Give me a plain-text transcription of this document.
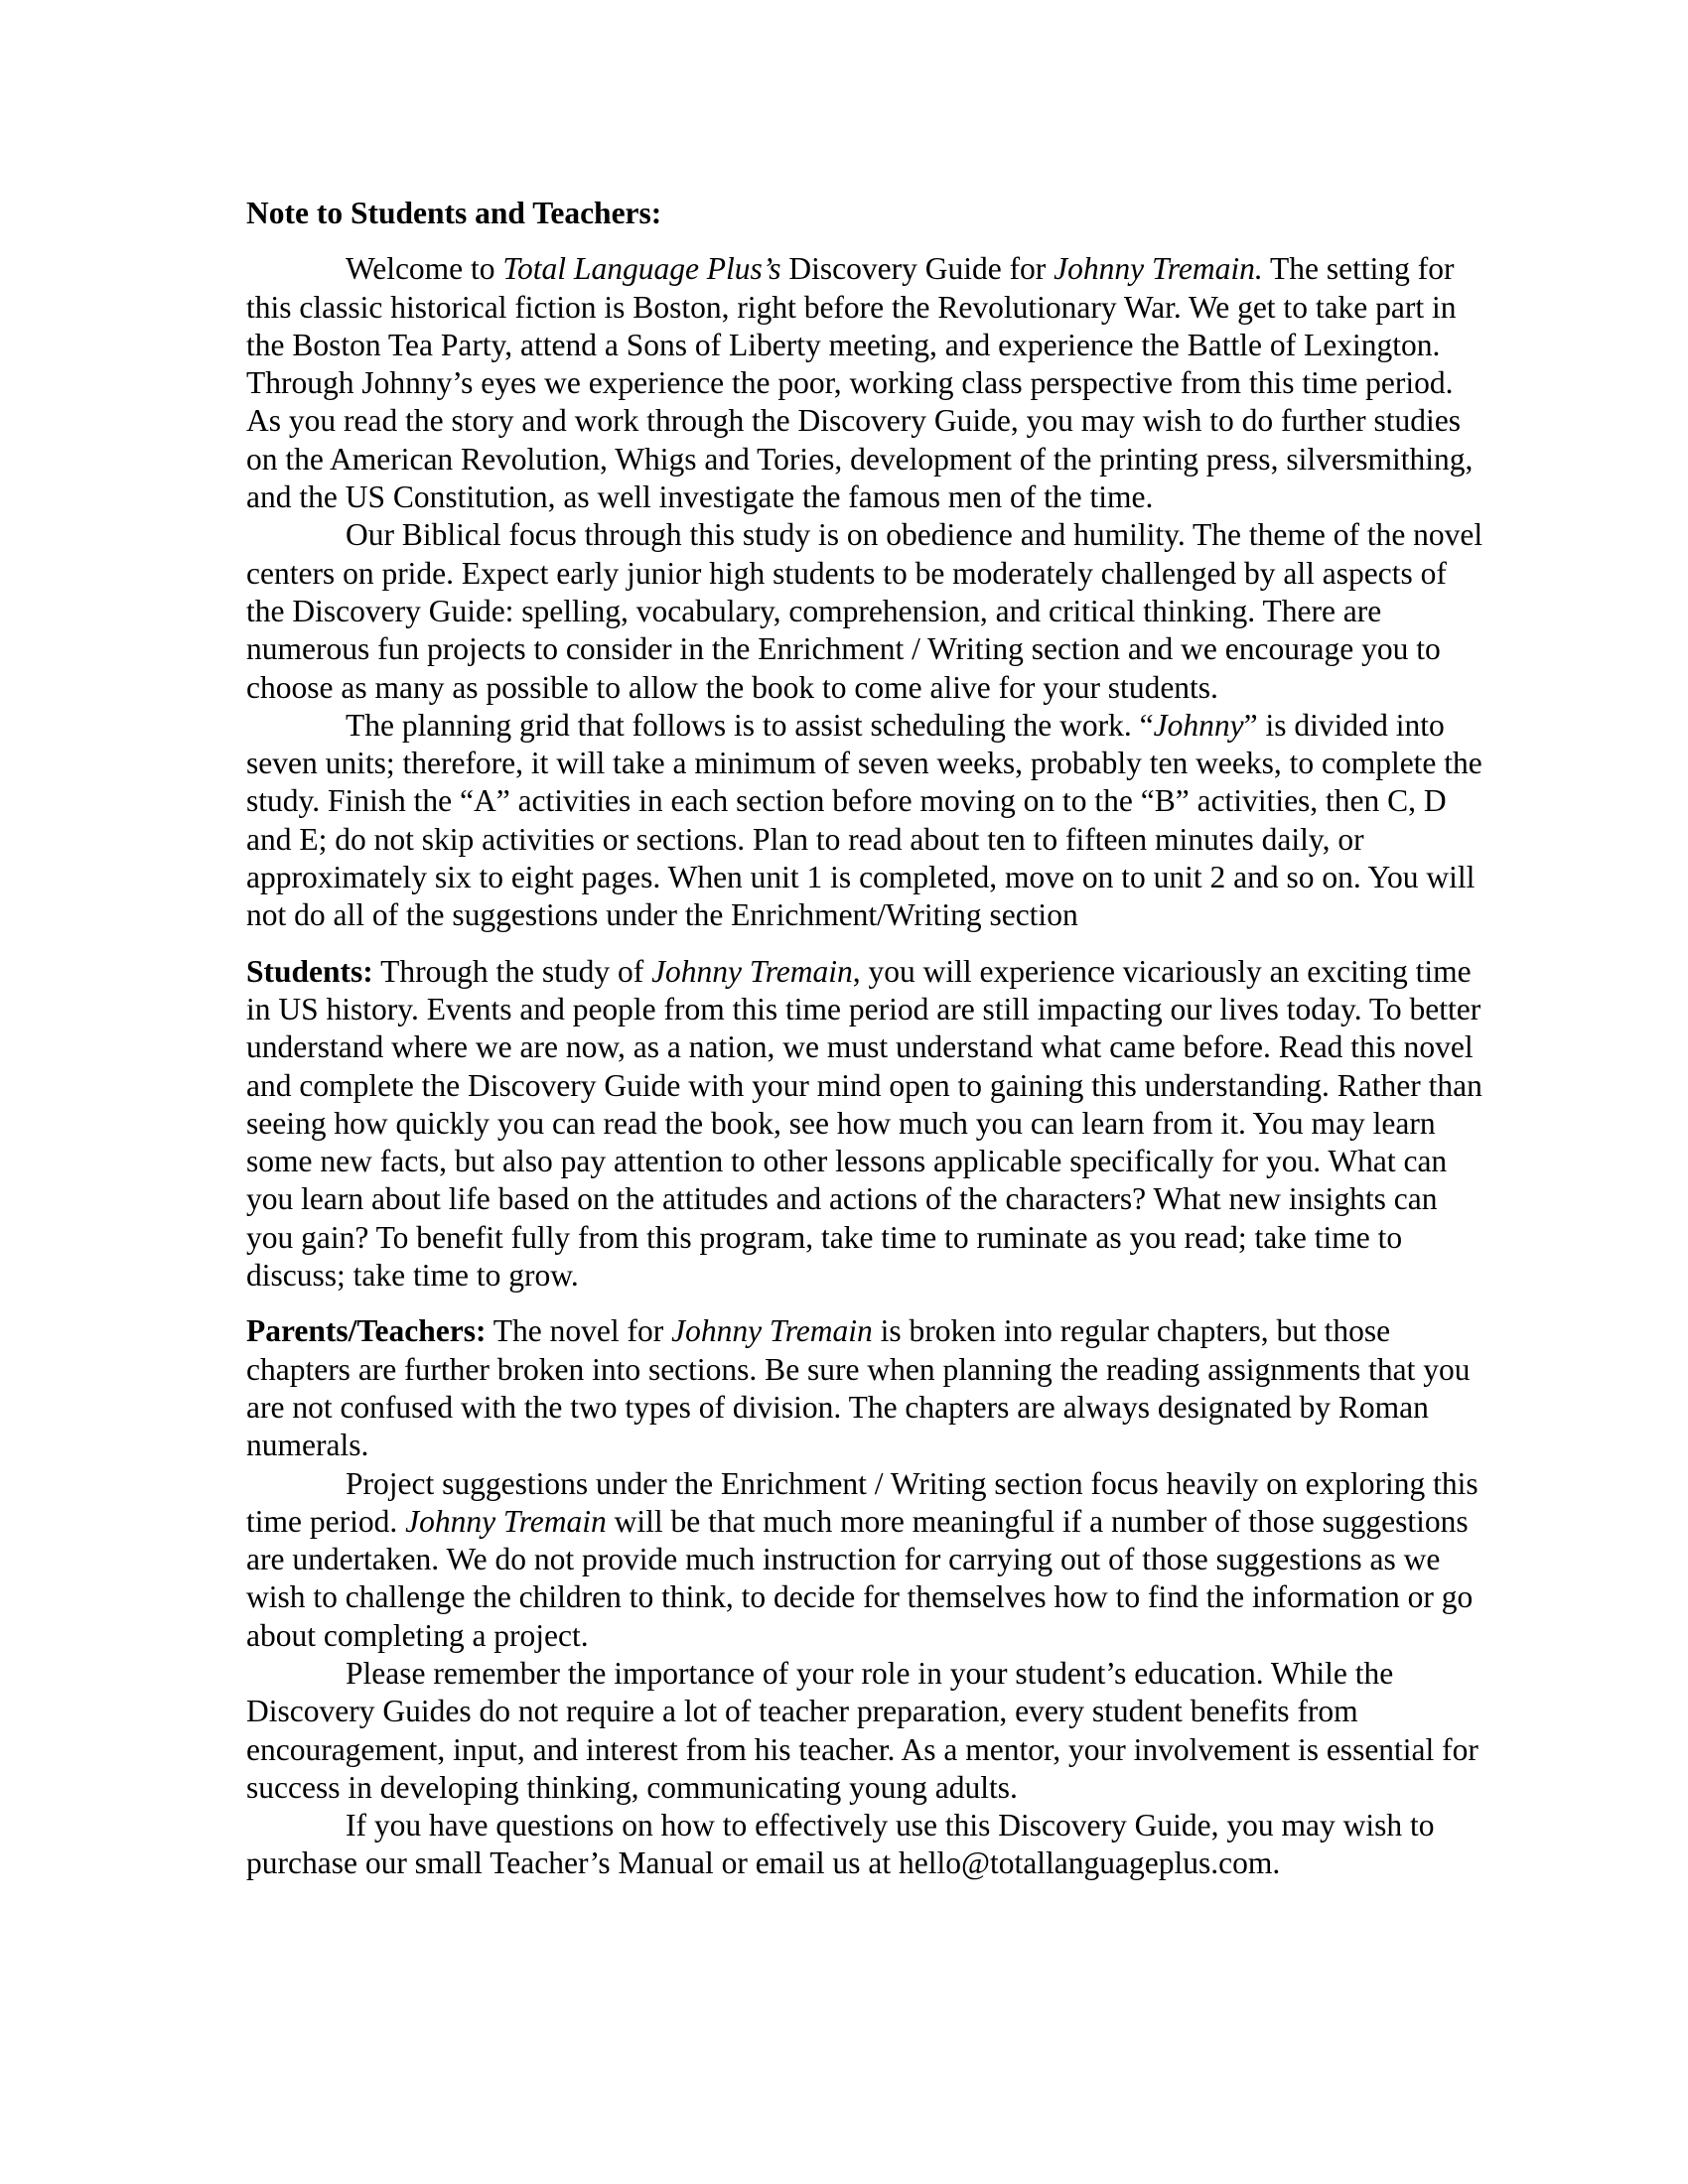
Note to Students and Teachers:

Welcome to Total Language Plus’s Discovery Guide for Johnny Tremain. The setting for this classic historical fiction is Boston, right before the Revolutionary War. We get to take part in the Boston Tea Party, attend a Sons of Liberty meeting, and experience the Battle of Lexington. Through Johnny’s eyes we experience the poor, working class perspective from this time period. As you read the story and work through the Discovery Guide, you may wish to do further studies on the American Revolution, Whigs and Tories, development of the printing press, silversmithing, and the US Constitution, as well investigate the famous men of the time.

Our Biblical focus through this study is on obedience and humility. The theme of the novel centers on pride. Expect early junior high students to be moderately challenged by all aspects of the Discovery Guide: spelling, vocabulary, comprehension, and critical thinking. There are numerous fun projects to consider in the Enrichment / Writing section and we encourage you to choose as many as possible to allow the book to come alive for your students.

The planning grid that follows is to assist scheduling the work. “Johnny” is divided into seven units; therefore, it will take a minimum of seven weeks, probably ten weeks, to complete the study. Finish the “A” activities in each section before moving on to the “B” activities, then C, D and E; do not skip activities or sections. Plan to read about ten to fifteen minutes daily, or approximately six to eight pages. When unit 1 is completed, move on to unit 2 and so on. You will not do all of the suggestions under the Enrichment/Writing section

Students: Through the study of Johnny Tremain, you will experience vicariously an exciting time in US history. Events and people from this time period are still impacting our lives today. To better understand where we are now, as a nation, we must understand what came before. Read this novel and complete the Discovery Guide with your mind open to gaining this understanding. Rather than seeing how quickly you can read the book, see how much you can learn from it. You may learn some new facts, but also pay attention to other lessons applicable specifically for you. What can you learn about life based on the attitudes and actions of the characters? What new insights can you gain? To benefit fully from this program, take time to ruminate as you read; take time to discuss; take time to grow.

Parents/Teachers: The novel for Johnny Tremain is broken into regular chapters, but those chapters are further broken into sections. Be sure when planning the reading assignments that you are not confused with the two types of division. The chapters are always designated by Roman numerals.

Project suggestions under the Enrichment / Writing section focus heavily on exploring this time period. Johnny Tremain will be that much more meaningful if a number of those suggestions are undertaken. We do not provide much instruction for carrying out of those suggestions as we wish to challenge the children to think, to decide for themselves how to find the information or go about completing a project.

Please remember the importance of your role in your student’s education. While the Discovery Guides do not require a lot of teacher preparation, every student benefits from encouragement, input, and interest from his teacher. As a mentor, your involvement is essential for success in developing thinking, communicating young adults.

If you have questions on how to effectively use this Discovery Guide, you may wish to purchase our small Teacher’s Manual or email us at hello@totallanguageplus.com.
